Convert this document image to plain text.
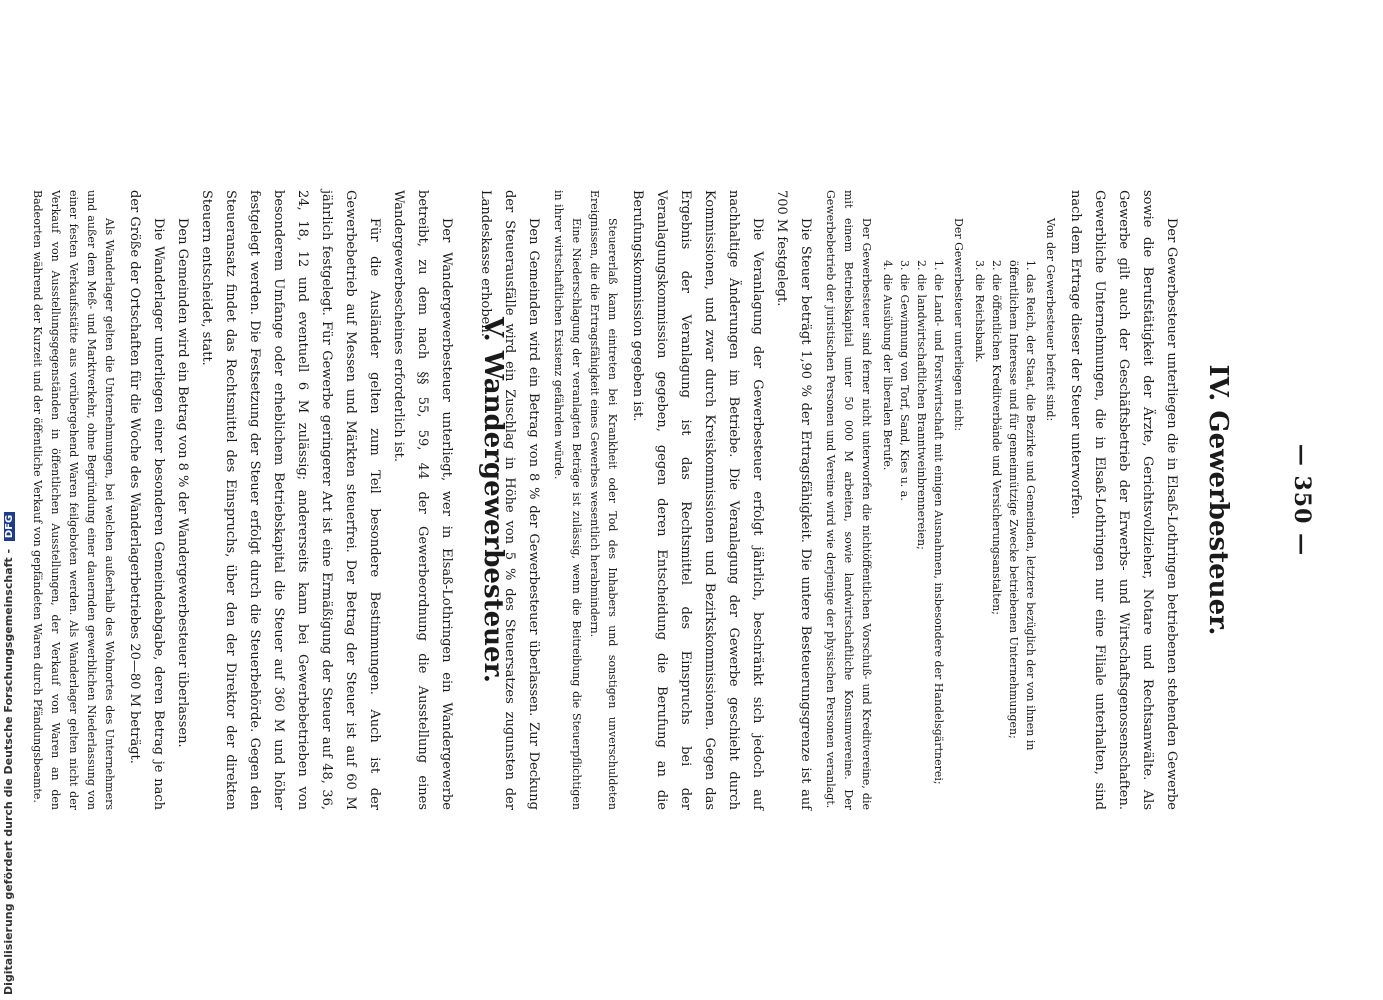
— 350 —
IV. Gewerbesteuer.

Der Gewerbesteuer unterliegen die in Elsaß-Lothringen betriebenen stehenden Gewerbe sowie die Berufstätigkeit der Ärzte, Gerichtsvollzieher, Notare und Rechtsanwälte. Als Gewerbe gilt auch der Geschäftsbetrieb der Erwerbs- und Wirtschaftsgenossenschaften. Gewerbliche Unternehmungen, die in Elsaß-Lothringen nur eine Filiale unterhalten, sind nach dem Ertrage dieser der Steuer unterworfen.

Von der Gewerbesteuer befreit sind:

1. das Reich, der Staat, die Bezirke und Gemeinden, letztere bezüglich der von ihnen in öffentlichem Interesse und für gemeinnützige Zwecke betriebenen Unternehmungen;
2. die öffentlichen Kreditverbände und Versicherungsanstalten;
3. die Reichsbank.

Der Gewerbesteuer unterliegen nicht:

1. die Land- und Forstwirtschaft mit einigen Ausnahmen, insbesondere der Handelsgärtnerei;
2. die landwirtschaftlichen Branntweinbrennereien;
3. die Gewinnung von Torf, Sand, Kies u. a.
4. die Ausübung der liberalen Berufe.

Der Gewerbesteuer sind ferner nicht unterworfen die nichtöffentlichen Vorschuß- und Kreditvereine, die mit einem Betriebskapital unter 50 000 M arbeiten, sowie landwirtschaftliche Konsumvereine. Der Gewerbebetrieb der juristischen Personen und Vereine wird wie derjenige der physischen Personen veranlagt.

Die Steuer beträgt 1,90 % der Ertragsfähigkeit. Die untere Besteuerungsgrenze ist auf 700 M festgelegt.

Die Veranlagung der Gewerbesteuer erfolgt jährlich, beschränkt sich jedoch auf nachhaltige Änderungen im Betriebe. Die Veranlagung der Gewerbe geschieht durch Kommissionen, und zwar durch Kreiskommissionen und Bezirkskommissionen. Gegen das Ergebnis der Veranlagung ist das Rechtsmittel des Einspruchs bei der Veranlagungskommission gegeben, gegen deren Entscheidung die Berufung an die Berufungskommission gegeben ist.

Steuererlaß kann eintreten bei Krankheit oder Tod des Inhabers und sonstigen unverschuldeten Ereignissen, die die Ertragsfähigkeit eines Gewerbes wesentlich herabmindern.

Eine Niederschlagung der veranlagten Beträge ist zulässig, wenn die Beitreibung die Steuerpflichtigen in ihrer wirtschaftlichen Existenz gefährden würde.

Den Gemeinden wird ein Betrag von 8 % der Gewerbesteuer überlassen. Zur Deckung der Steuerausfälle wird ein Zuschlag in Höhe von 5 % des Steuersatzes zugunsten der Landeskasse erhoben.

V. Wandergewerbesteuer.

Der Wandergewerbesteuer unterliegt, wer in Elsaß-Lothringen ein Wandergewerbe betreibt, zu dem nach §§ 55, 59, 44 der Gewerbeordnung die Ausstellung eines Wandergewerbescheines erforderlich ist.

Für die Ausländer gelten zum Teil besondere Bestimmungen. Auch ist der Gewerbebetrieb auf Messen und Märkten steuerfrei. Der Betrag der Steuer ist auf 60 M jährlich festgelegt. Für Gewerbe geringerer Art ist eine Ermäßigung der Steuer auf 48, 36, 24, 18, 12 und eventuell 6 M zulässig; andererseits kann bei Gewerbebetrieben von besonderem Umfange oder erheblichem Betriebskapital die Steuer auf 360 M und höher festgelegt werden. Die Festsetzung der Steuer erfolgt durch die Steuerbehörde. Gegen den Steueransatz findet das Rechtsmittel des Einspruchs, über den der Direktor der direkten Steuern entscheidet, statt.

Den Gemeinden wird ein Betrag von 8 % der Wandergewerbesteuer überlassen.

Die Wanderlager unterliegen einer besonderen Gemeindeabgabe, deren Betrag je nach der Größe der Ortschaften für die Woche des Wanderlagerbetriebes 20—80 M beträgt.

Als Wanderlager gelten die Unternehmungen, bei welchen außerhalb des Wohnortes des Unternehmers und außer dem Meß- und Marktverkehr, ohne Begründung einer dauernden gewerblichen Niederlassung von einer festen Verkaufsstätte aus vorübergehend Waren feilgeboten werden. Als Wanderlager gelten nicht der Verkauf von Ausstellungsgegenständen in öffentlichen Ausstellungen, der Verkauf von Waren an den Badeorten während der Kurzeit und der öffentliche Verkauf von gepfändeten Waren durch Pfändungsbeamte.

Digitalisierung gefördert durch die Deutsche Forschungsgemeinschaft - DFG
